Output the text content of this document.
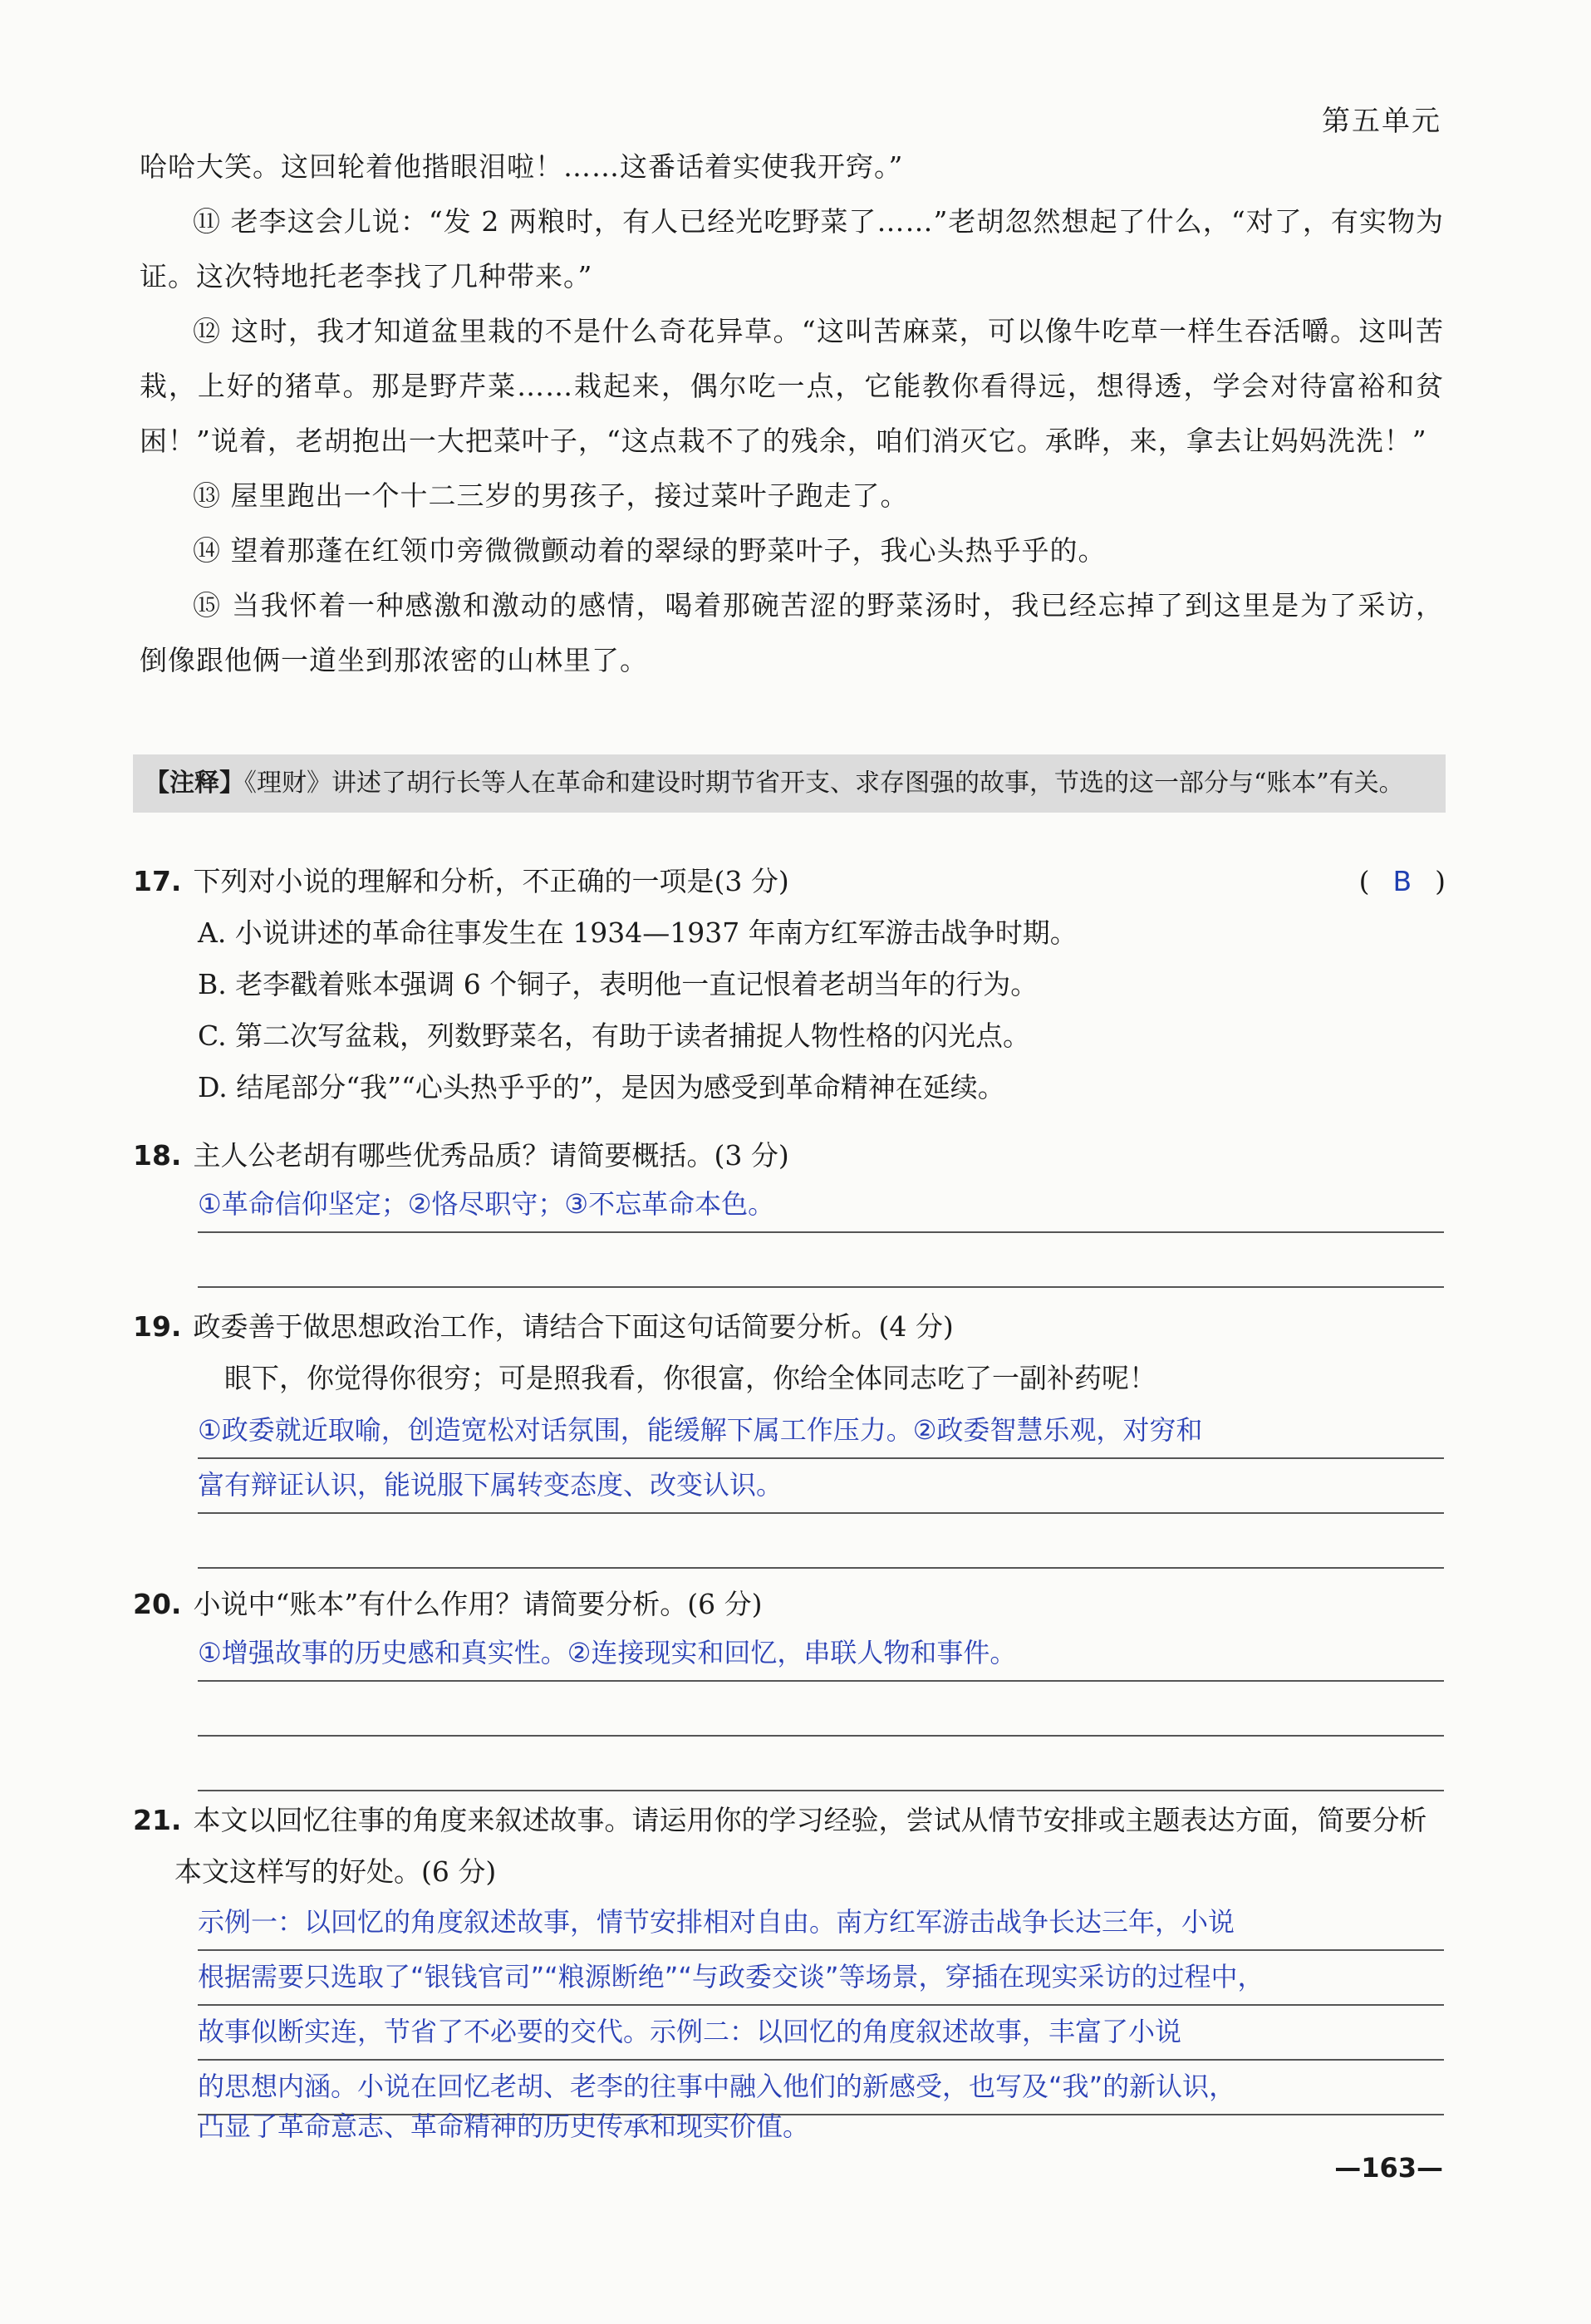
第五单元

哈哈大笑。这回轮着他揩眼泪啦！……这番话着实使我开窍。”

⑪ 老李这会儿说：“发 2 两粮时，有人已经光吃野菜了……”老胡忽然想起了什么，“对了，有实物为证。这次特地托老李找了几种带来。”

⑫ 这时，我才知道盆里栽的不是什么奇花异草。“这叫苦麻菜，可以像牛吃草一样生吞活嚼。这叫苦栽，上好的猪草。那是野芹菜……栽起来，偶尔吃一点，它能教你看得远，想得透，学会对待富裕和贫困！”说着，老胡抱出一大把菜叶子，“这点栽不了的残余，咱们消灭它。承晔，来，拿去让妈妈洗洗！”

⑬ 屋里跑出一个十二三岁的男孩子，接过菜叶子跑走了。

⑭ 望着那蓬在红领巾旁微微颤动着的翠绿的野菜叶子，我心头热乎乎的。

⑮ 当我怀着一种感激和激动的感情，喝着那碗苦涩的野菜汤时，我已经忘掉了到这里是为了采访，倒像跟他俩一道坐到那浓密的山林里了。

【注释】《理财》讲述了胡行长等人在革命和建设时期节省开支、求存图强的故事，节选的这一部分与“账本”有关。
17. 下列对小说的理解和分析，不正确的一项是(3 分)	( B )
A. 小说讲述的革命往事发生在 1934—1937 年南方红军游击战争时期。
B. 老李戳着账本强调 6 个铜子，表明他一直记恨着老胡当年的行为。
C. 第二次写盆栽，列数野菜名，有助于读者捕捉人物性格的闪光点。
D. 结尾部分“我”“心头热乎乎的”，是因为感受到革命精神在延续。
18. 主人公老胡有哪些优秀品质？请简要概括。(3 分)
①革命信仰坚定；②恪尽职守；③不忘革命本色。
19. 政委善于做思想政治工作，请结合下面这句话简要分析。(4 分)
眼下，你觉得你很穷；可是照我看，你很富，你给全体同志吃了一副补药呢！
①政委就近取喻，创造宽松对话氛围，能缓解下属工作压力。②政委智慧乐观，对穷和
富有辩证认识，能说服下属转变态度、改变认识。
20. 小说中“账本”有什么作用？请简要分析。(6 分)
①增强故事的历史感和真实性。②连接现实和回忆，串联人物和事件。
21. 本文以回忆往事的角度来叙述故事。请运用你的学习经验，尝试从情节安排或主题表达方面，简要分析本文这样写的好处。(6 分)
示例一：以回忆的角度叙述故事，情节安排相对自由。南方红军游击战争长达三年，小说
根据需要只选取了“银钱官司”“粮源断绝”“与政委交谈”等场景，穿插在现实采访的过程中，
故事似断实连，节省了不必要的交代。示例二：以回忆的角度叙述故事，丰富了小说
的思想内涵。小说在回忆老胡、老李的往事中融入他们的新感受，也写及“我”的新认识，
凸显了革命意志、革命精神的历史传承和现实价值。
—163—
